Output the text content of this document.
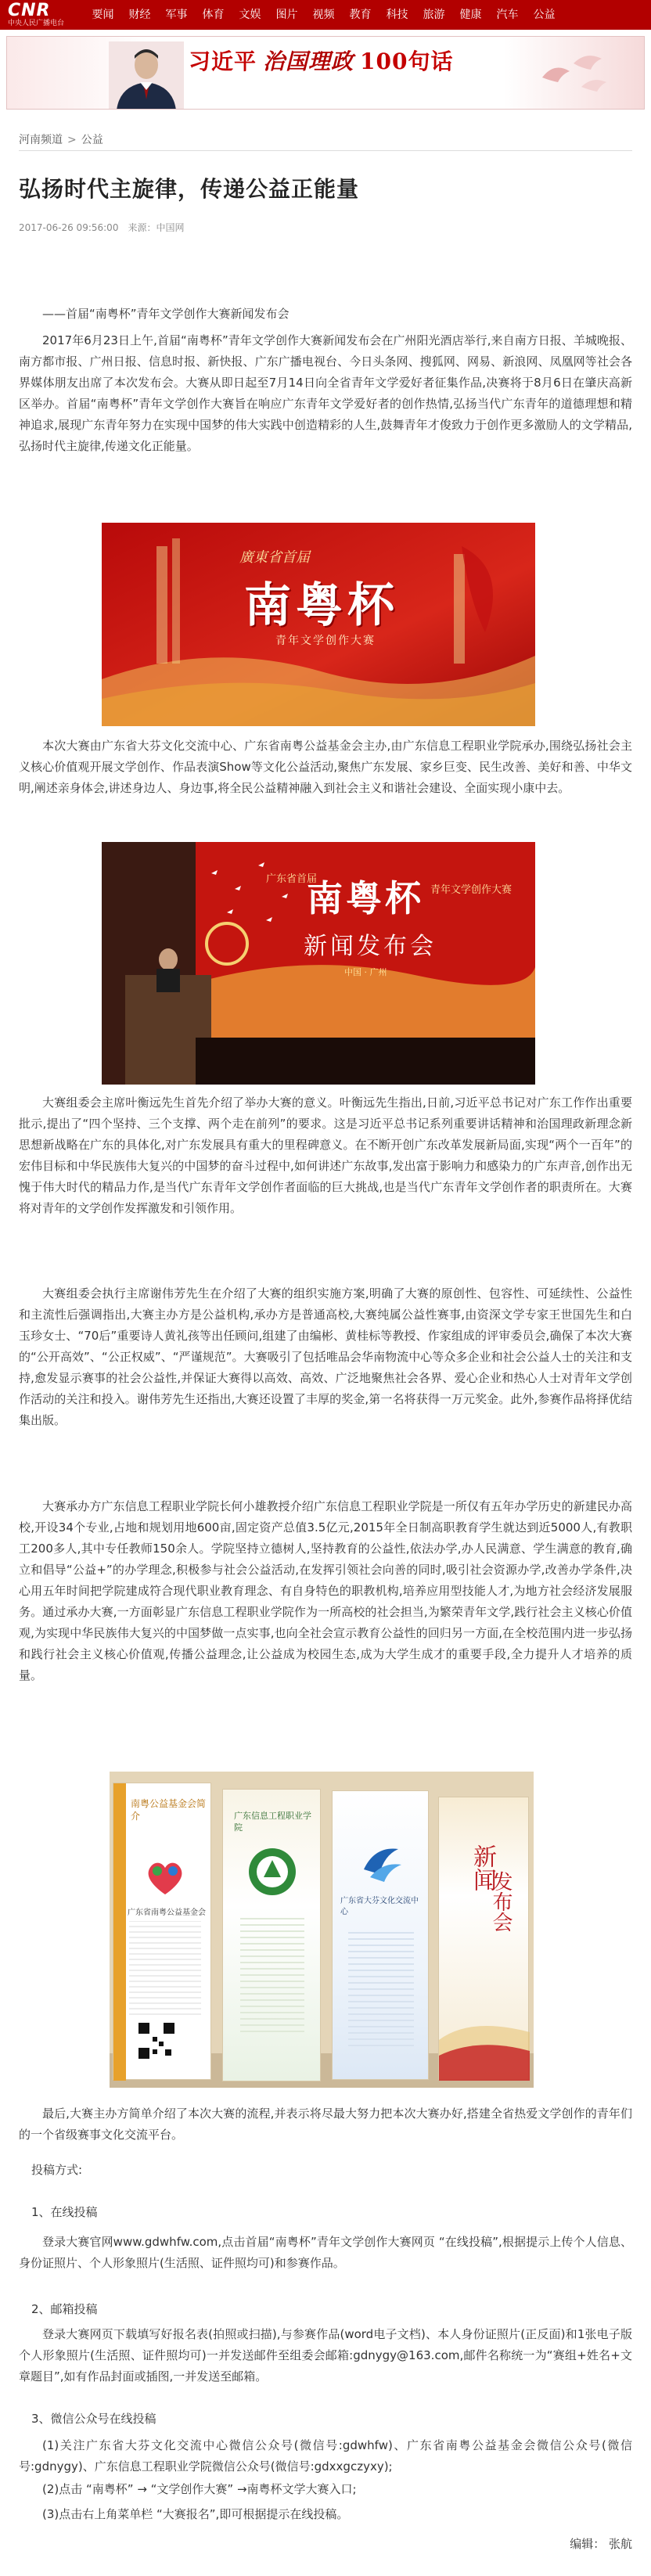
CNR
中央人民广播电台
要闻	财经	军事	体育	文娱	图片	视频	教育	科技	旅游	健康	汽车	公益
习近平 治国理政 100句话
河南频道 > 公益
弘扬时代主旋律，传递公益正能量
2017-06-26 09:56:00 来源：中国网

——首届“南粤杯”青年文学创作大赛新闻发布会

2017年6月23日上午,首届“南粤杯”青年文学创作大赛新闻发布会在广州阳光酒店举行,来自南方日报、羊城晚报、南方都市报、广州日报、信息时报、新快报、广东广播电视台、今日头条网、搜狐网、网易、新浪网、凤凰网等社会各界媒体朋友出席了本次发布会。大赛从即日起至7月14日向全省青年文学爱好者征集作品,决赛将于8月6日在肇庆高新区举办。首届“南粤杯”青年文学创作大赛旨在响应广东青年文学爱好者的创作热情,弘扬当代广东青年的道德理想和精神追求,展现广东青年努力在实现中国梦的伟大实践中创造精彩的人生,鼓舞青年才俊致力于创作更多激励人的文学精品,弘扬时代主旋律,传递文化正能量。

廣東省首届
南粤杯
青年文学创作大赛

本次大赛由广东省大芬文化交流中心、广东省南粤公益基金会主办,由广东信息工程职业学院承办,围绕弘扬社会主义核心价值观开展文学创作、作品表演Show等文化公益活动,聚焦广东发展、家乡巨变、民生改善、美好和善、中华文明,阐述亲身体会,讲述身边人、身边事,将全民公益精神融入到社会主义和谐社会建设、全面实现小康中去。

广东省首届
南粤杯 青年文学创作大赛
新闻发布会
中国 · 广州

大赛组委会主席叶衡远先生首先介绍了举办大赛的意义。叶衡远先生指出,日前,习近平总书记对广东工作作出重要批示,提出了“四个坚持、三个支撑、两个走在前列”的要求。这是习近平总书记系列重要讲话精神和治国理政新理念新思想新战略在广东的具体化,对广东发展具有重大的里程碑意义。在不断开创广东改革发展新局面,实现“两个一百年”的宏伟目标和中华民族伟大复兴的中国梦的奋斗过程中,如何讲述广东故事,发出富于影响力和感染力的广东声音,创作出无愧于伟大时代的精品力作,是当代广东青年文学创作者面临的巨大挑战,也是当代广东青年文学创作者的职责所在。大赛将对青年的文学创作发挥激发和引领作用。

大赛组委会执行主席谢伟芳先生在介绍了大赛的组织实施方案,明确了大赛的原创性、包容性、可延续性、公益性和主流性后强调指出,大赛主办方是公益机构,承办方是普通高校,大赛纯属公益性赛事,由资深文学专家王世国先生和白玉珍女士、“70后”重要诗人黄礼孩等出任顾问,组建了由编彬、黄桂标等教授、作家组成的评审委员会,确保了本次大赛的“公开高效”、“公正权威”、“严谨规范”。大赛吸引了包括唯品会华南物流中心等众多企业和社会公益人士的关注和支持,愈发显示赛事的社会公益性,并保证大赛得以高效、高效、广泛地聚焦社会各界、爱心企业和热心人士对青年文学创作活动的关注和投入。谢伟芳先生还指出,大赛还设置了丰厚的奖金,第一名将获得一万元奖金。此外,参赛作品将择优结集出版。

大赛承办方广东信息工程职业学院长何小雄教授介绍广东信息工程职业学院是一所仅有五年办学历史的新建民办高校,开设34个专业,占地和规划用地600亩,固定资产总值3.5亿元,2015年全日制高职教育学生就达到近5000人,有教职工200多人,其中专任教师150余人。学院坚持立德树人,坚持教育的公益性,依法办学,办人民满意、学生满意的教育,确立和倡导“公益+”的办学理念,积极参与社会公益活动,在发挥引领社会向善的同时,吸引社会资源办学,改善办学条件,决心用五年时间把学院建成符合现代职业教育理念、有自身特色的职教机构,培养应用型技能人才,为地方社会经济发展服务。通过承办大赛,一方面彰显广东信息工程职业学院作为一所高校的社会担当,为繁荣青年文学,践行社会主义核心价值观,为实现中华民族伟大复兴的中国梦做一点实事,也向全社会宣示教育公益性的回归另一方面,在全校范围内进一步弘扬和践行社会主义核心价值观,传播公益理念,让公益成为校园生态,成为大学生成才的重要手段,全力提升人才培养的质量。

南粤公益基金会简介
广东省南粤公益基金会
广东信息工程职业学院
广东省大芬文化交流中心
新闻
发布会

最后,大赛主办方简单介绍了本次大赛的流程,并表示将尽最大努力把本次大赛办好,搭建全省热爱文学创作的青年们的一个省级赛事文化交流平台。

投稿方式:

1、在线投稿

登录大赛官网www.gdwhfw.com,点击首届“南粤杯”青年文学创作大赛网页 “在线投稿”,根据提示上传个人信息、身份证照片、个人形象照片(生活照、证件照均可)和参赛作品。

2、邮箱投稿

登录大赛网页下载填写好报名表(拍照或扫描),与参赛作品(word电子文档)、本人身份证照片(正反面)和1张电子版个人形象照片(生活照、证件照均可)一并发送邮件至组委会邮箱:gdnygy@163.com,邮件名称统一为“赛组+姓名+文章题目”,如有作品封面或插图,一并发送至邮箱。

3、微信公众号在线投稿

(1)关注广东省大芬文化交流中心微信公众号(微信号:gdwhfw)、广东省南粤公益基金会微信公众号(微信号:gdnygy)、广东信息工程职业学院微信公众号(微信号:gdxxgczyxy);

(2)点击 “南粤杯” → “文学创作大赛” →南粤杯文学大赛入口;

(3)点击右上角菜单栏 “大赛报名”,即可根据提示在线投稿。

编辑： 张航
